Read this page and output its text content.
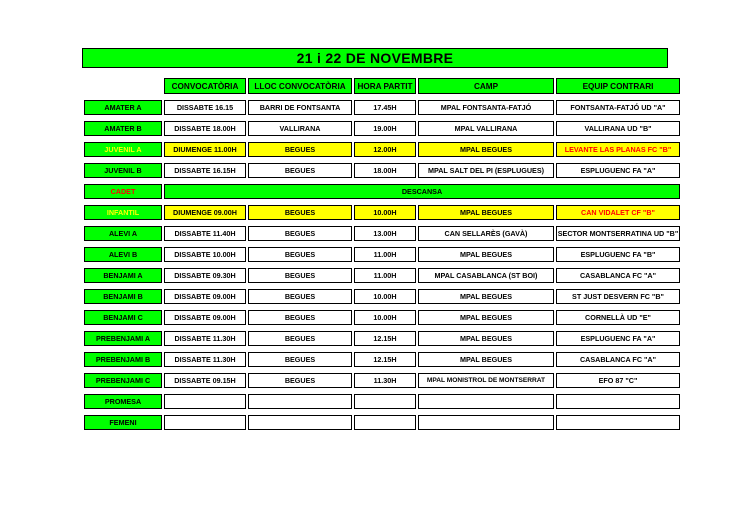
21 i 22 DE NOVEMBRE
	CONVOCATÒRIA	LLOC CONVOCATÒRIA	HORA PARTIT	CAMP	EQUIP CONTRARI

AMATER A	DISSABTE 16.15	BARRI DE FONTSANTA	17.45H	MPAL FONTSANTA-FATJÓ	FONTSANTA-FATJÓ UD "A"

AMATER B	DISSABTE 18.00H	VALLIRANA	19.00H	MPAL VALLIRANA	VALLIRANA UD "B"

JUVENIL A	DIUMENGE 11.00H	BEGUES	12.00H	MPAL BEGUES	LEVANTE LAS PLANAS FC "B"

JUVENIL B	DISSABTE 16.15H	BEGUES	18.00H	MPAL SALT DEL PI (ESPLUGUES)	ESPLUGUENC FA "A"

CADET	DESCANSA				

INFANTIL	DIUMENGE 09.00H	BEGUES	10.00H	MPAL BEGUES	CAN VIDALET CF "B"

ALEVI A	DISSABTE 11.40H	BEGUES	13.00H	CAN SELLARÈS (GAVÀ)	SECTOR MONTSERRATINA UD "B"

ALEVI B	DISSABTE 10.00H	BEGUES	11.00H	MPAL BEGUES	ESPLUGUENC FA "B"

BENJAMI A	DISSABTE 09.30H	BEGUES	11.00H	MPAL CASABLANCA (ST BOI)	CASABLANCA FC "A"

BENJAMI B	DISSABTE 09.00H	BEGUES	10.00H	MPAL BEGUES	ST JUST DESVERN FC "B"

BENJAMI C	DISSABTE 09.00H	BEGUES	10.00H	MPAL BEGUES	CORNELLÀ UD "E"

PREBENJAMI A	DISSABTE 11.30H	BEGUES	12.15H	MPAL BEGUES	ESPLUGUENC FA "A"

PREBENJAMI B	DISSABTE 11.30H	BEGUES	12.15H	MPAL BEGUES	CASABLANCA FC "A"

PREBENJAMI C	DISSABTE 09.15H	BEGUES	11.30H	MPAL MONISTROL DE MONTSERRAT	EFO 87 "C"

PROMESA					

FEMENI					
